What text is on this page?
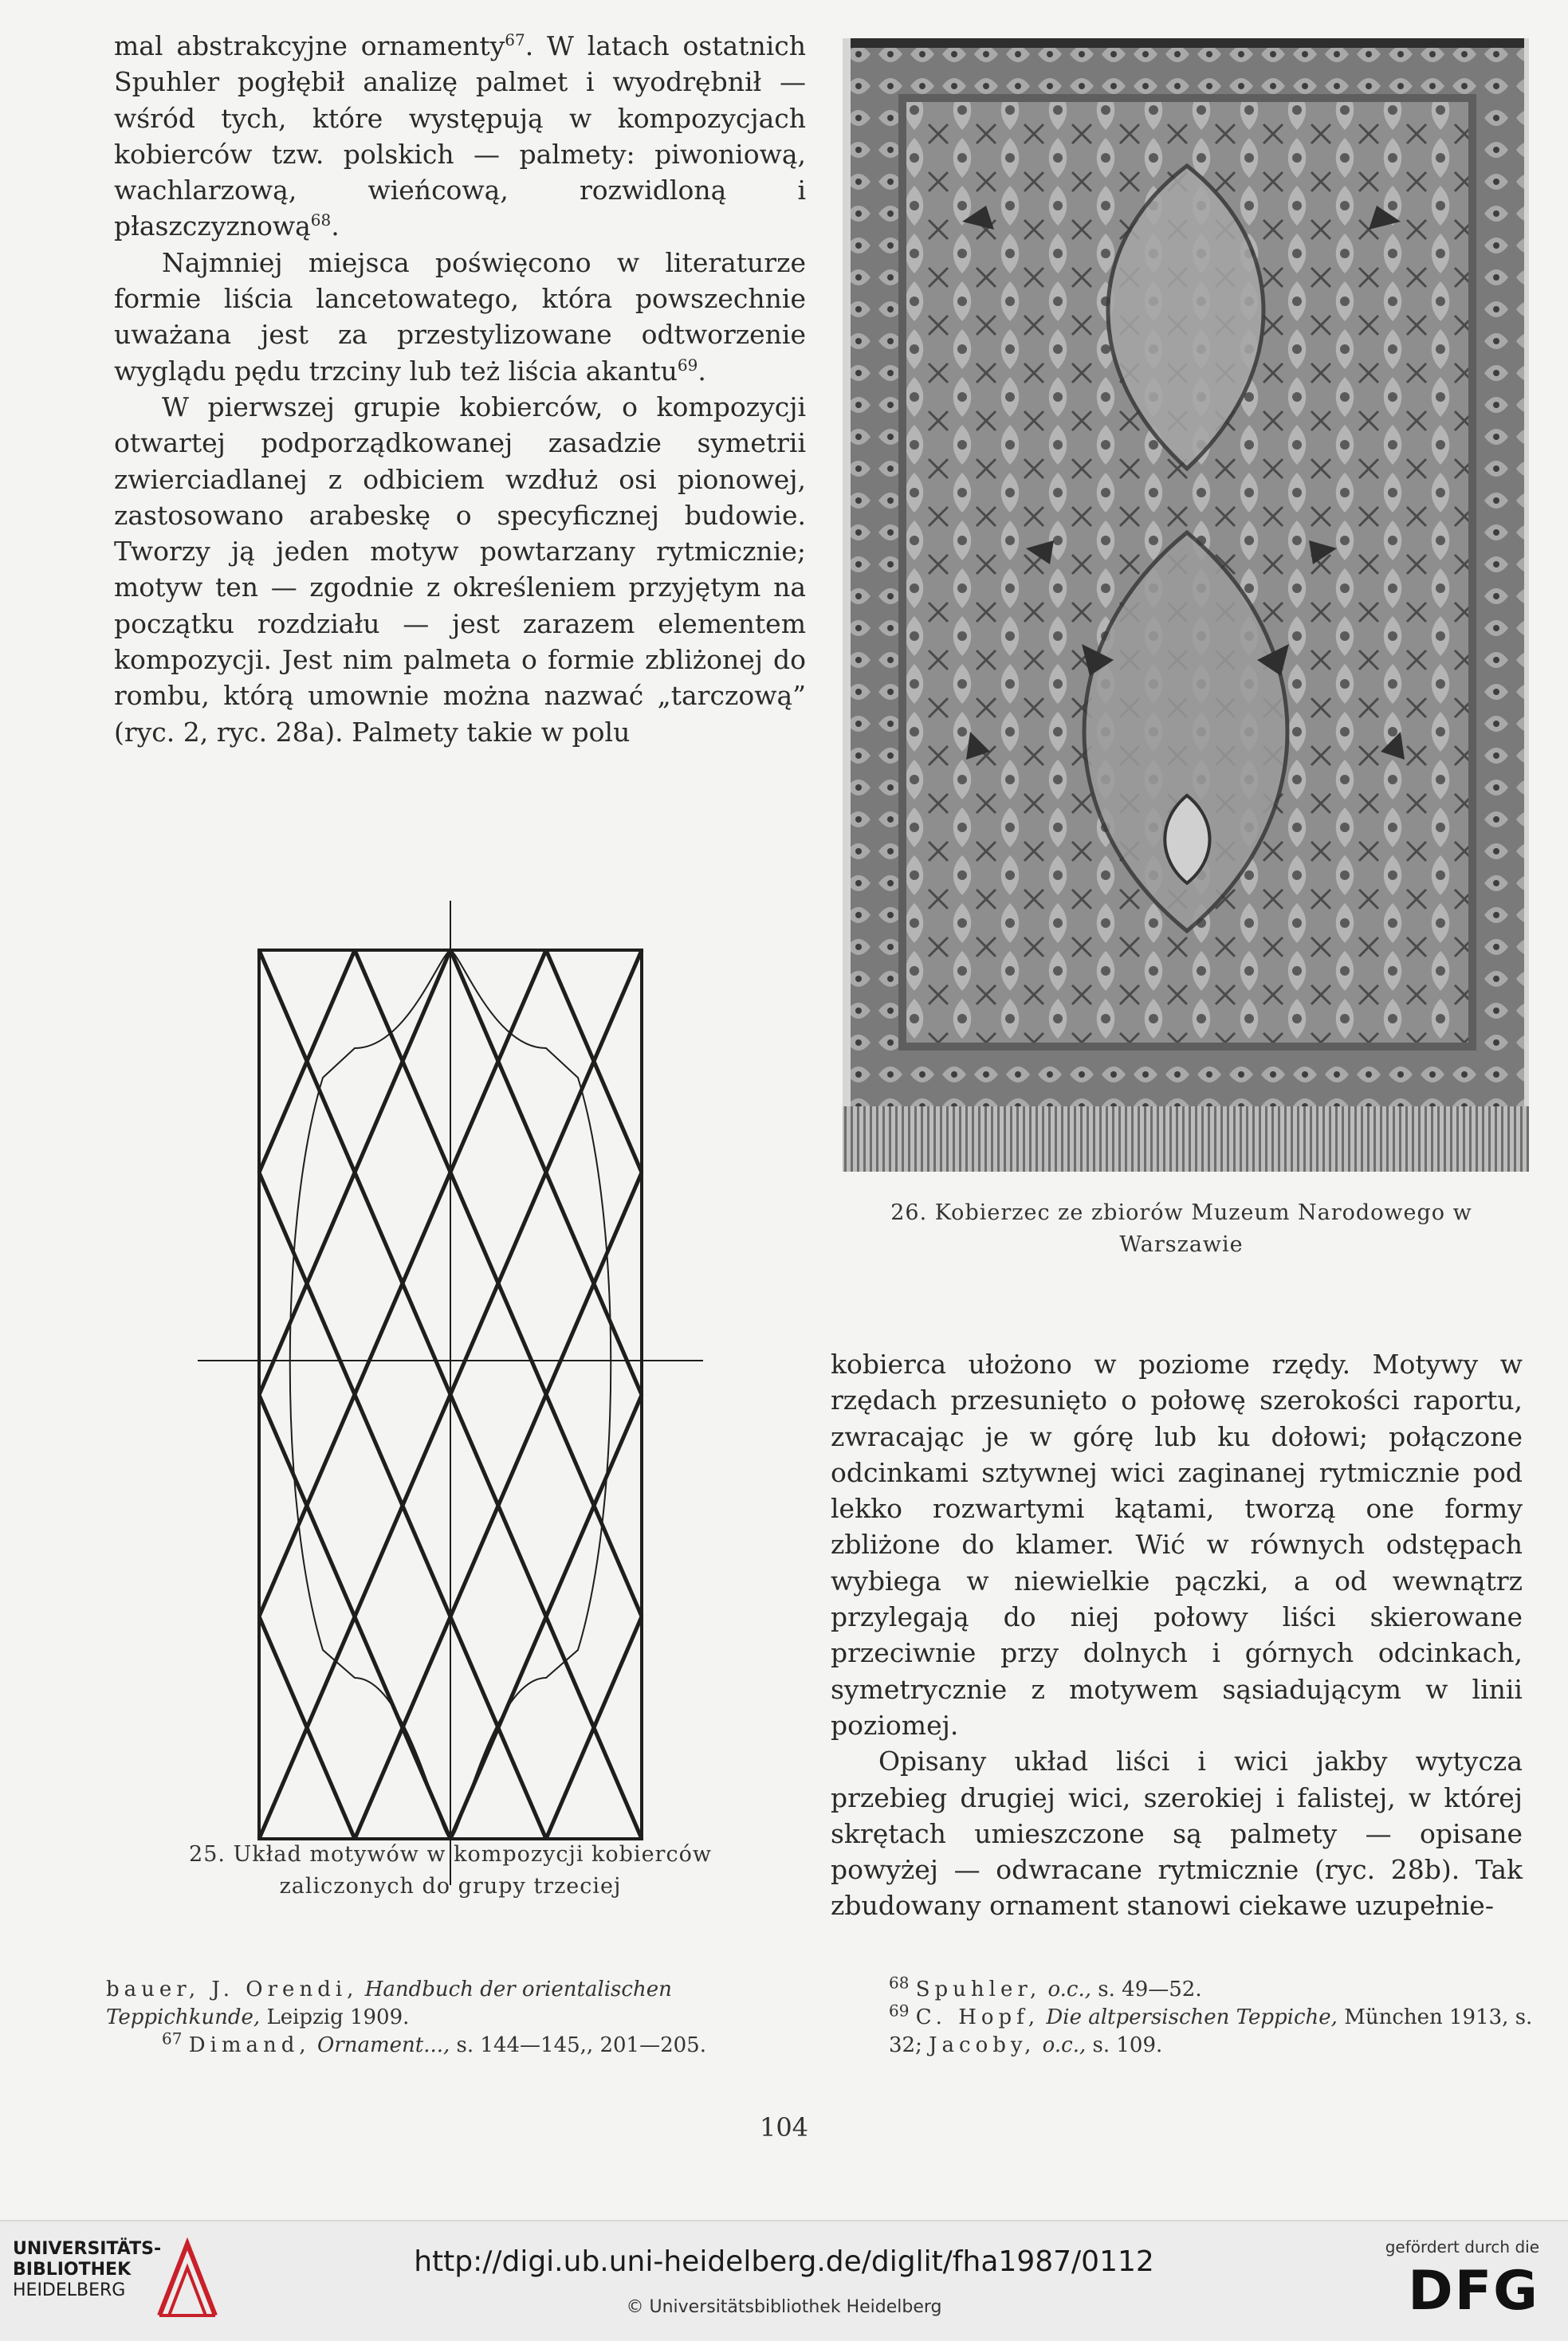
mal abstrakcyjne ornamenty$^{67}$. W latach ostatnich Spuhler pogłębił analizę palmet i wyodrębnił — wśród tych, które występują w kompozycjach kobierców tzw. polskich — palmety: piwoniową, wachlarzową, wieńcową, rozwidloną i płaszczyznową$^{68}$.

Najmniej miejsca poświęcono w literaturze formie liścia lancetowatego, która powszechnie uważana jest za przestylizowane odtworzenie wyglądu pędu trzciny lub też liścia akantu$^{69}$.

W pierwszej grupie kobierców, o kompozycji otwartej podporządkowanej zasadzie symetrii zwierciadlanej z odbiciem wzdłuż osi pionowej, zastosowano arabeskę o specyficznej budowie. Tworzy ją jeden motyw powtarzany rytmicznie; motyw ten — zgodnie z określeniem przyjętym na początku rozdziału — jest zarazem elementem kompozycji. Jest nim palmeta o formie zbliżonej do rombu, którą umownie można nazwać „tarczową” (ryc. 2, ryc. 28a). Palmety takie w polu

26. Kobierzec ze zbiorów Muzeum Narodowego w Warszawie
25. Układ motywów w kompozycji kobierców zaliczonych do grupy trzeciej

kobierca ułożono w poziome rzędy. Motywy w rzędach przesunięto o połowę szerokości raportu, zwracając je w górę lub ku dołowi; połączone odcinkami sztywnej wici zaginanej rytmicznie pod lekko rozwartymi kątami, tworzą one formy zbliżone do klamer. Wić w równych odstępach wybiega w niewielkie pączki, a od wewnątrz przylegają do niej połowy liści skierowane przeciwnie przy dolnych i górnych odcinkach, symetrycznie z motywem sąsiadującym w linii poziomej.

Opisany układ liści i wici jakby wytycza przebieg drugiej wici, szerokiej i falistej, w której skrętach umieszczone są palmety — opisane powyżej — odwracane rytmicznie (ryc. 28b). Tak zbudowany ornament stanowi ciekawe uzupełnie-

bauer, J. Orendi, Handbuch der orientalischen Teppichkunde, Leipzig 1909.

$^{67}$ Dimand, Ornament..., s. 144—145,, 201—205.

$^{68}$ Spuhler, o.c., s. 49—52.

$^{69}$ C. Hopf, Die altpersischen Teppiche, München 1913, s. 32; Jacoby, o.c., s. 109.

104
UNIVERSITÄTS-
BIBLIOTHEK
HEIDELBERG
http://digi.ub.uni-heidelberg.de/diglit/fha1987/0112
© Universitätsbibliothek Heidelberg
gefördert durch die
DFG
